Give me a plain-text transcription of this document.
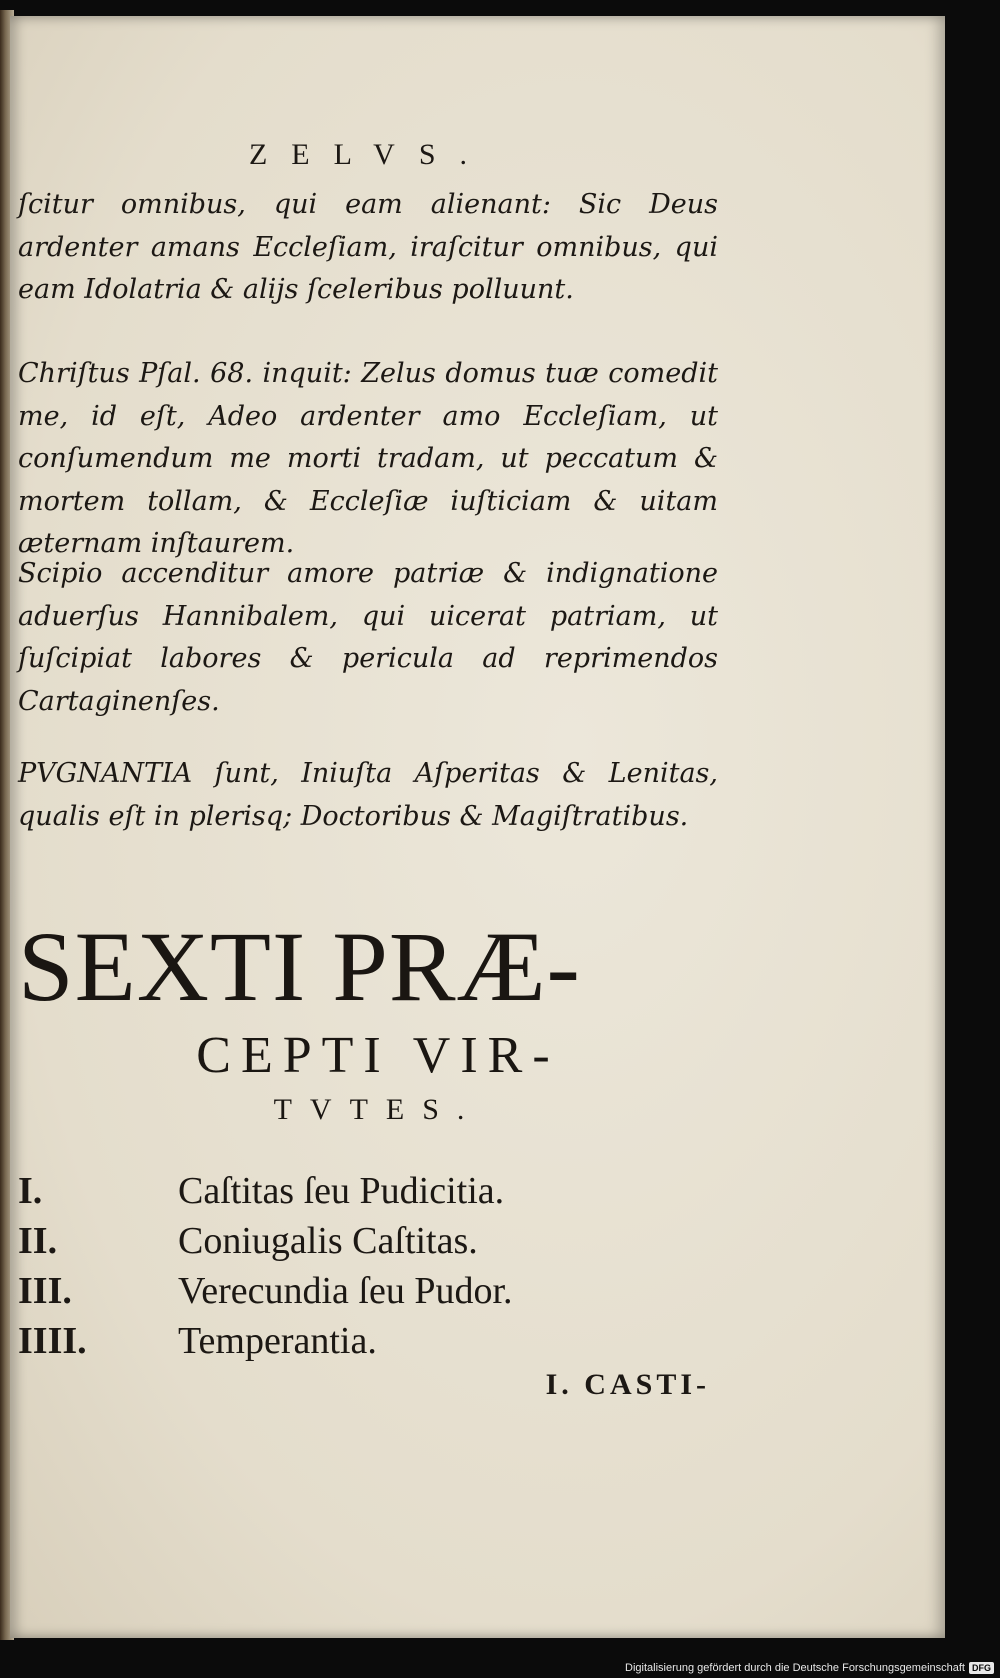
ZELVS.
ſcitur omnibus, qui eam alienant: Sic Deus ardenter amans Eccleſiam, iraſcitur omnibus, qui eam Idolatria & alijs ſceleribus polluunt.
Chriſtus Pſal. 68. inquit: Zelus domus tuæ comedit me, id eſt, Adeo ardenter amo Eccleſiam, ut conſumendum me morti tradam, ut peccatum & mortem tollam, & Eccleſiæ iuſticiam & uitam æternam inſtaurem.
Scipio accenditur amore patriæ & indignatione aduerſus Hannibalem, qui uicerat patriam, ut ſuſcipiat labores & pericula ad reprimendos Cartaginenſes.
PVGNANTIA ſunt, Iniuſta Aſperitas & Lenitas, qualis eſt in plerisq; Doctoribus & Magiſtratibus.
SEXTI PRÆ-
CEPTI VIR-
TVTES.
I.	Caſtitas ſeu Pudicitia.
II.	Coniugalis Caſtitas.
III.	Verecundia ſeu Pudor.
IIII.	Temperantia.
I. CASTI-
Digitalisierung gefördert durch die Deutsche Forschungsgemeinschaft DFG
